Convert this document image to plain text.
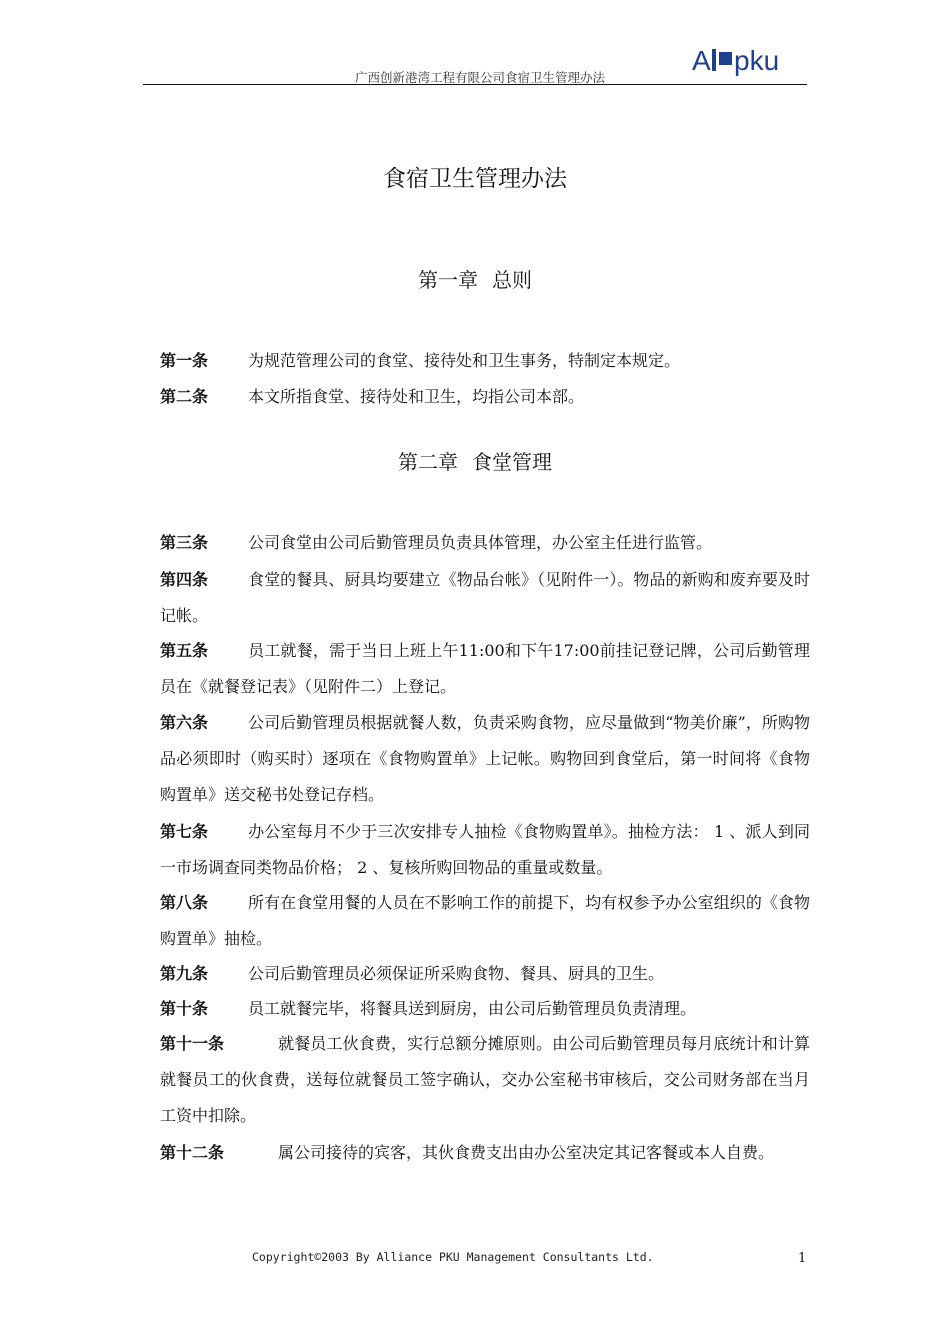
广西创新港湾工程有限公司食宿卫生管理办法
A pku
食宿卫生管理办法
第一章 总则
第一条 为规范管理公司的食堂、接待处和卫生事务，特制定本规定。
第二条 本文所指食堂、接待处和卫生，均指公司本部。
第二章 食堂管理
第三条 公司食堂由公司后勤管理员负责具体管理，办公室主任进行监管。
第四条 食堂的餐具、厨具均要建立《物品台帐》（见附件一）。物品的新购和废弃要及时记帐。
第五条 员工就餐，需于当日上班上午11:00和下午17:00前挂记登记牌，公司后勤管理员在《就餐登记表》（见附件二）上登记。
第六条 公司后勤管理员根据就餐人数，负责采购食物，应尽量做到“物美价廉”，所购物品必须即时（购买时）逐项在《食物购置单》上记帐。购物回到食堂后，第一时间将《食物购置单》送交秘书处登记存档。
第七条 办公室每月不少于三次安排专人抽检《食物购置单》。抽检方法： 1 、派人到同一市场调查同类物品价格； 2 、复核所购回物品的重量或数量。
第八条 所有在食堂用餐的人员在不影响工作的前提下，均有权参予办公室组织的《食物购置单》抽检。
第九条 公司后勤管理员必须保证所采购食物、餐具、厨具的卫生。
第十条 员工就餐完毕，将餐具送到厨房，由公司后勤管理员负责清理。
第十一条	就餐员工伙食费，实行总额分摊原则。由公司后勤管理员每月底统计和计算就餐员工的伙食费，送每位就餐员工签字确认，交办公室秘书审核后，交公司财务部在当月工资中扣除。
第十二条	属公司接待的宾客，其伙食费支出由办公室决定其记客餐或本人自费。
Copyright©2003 By Alliance PKU Management Consultants Ltd.	1
